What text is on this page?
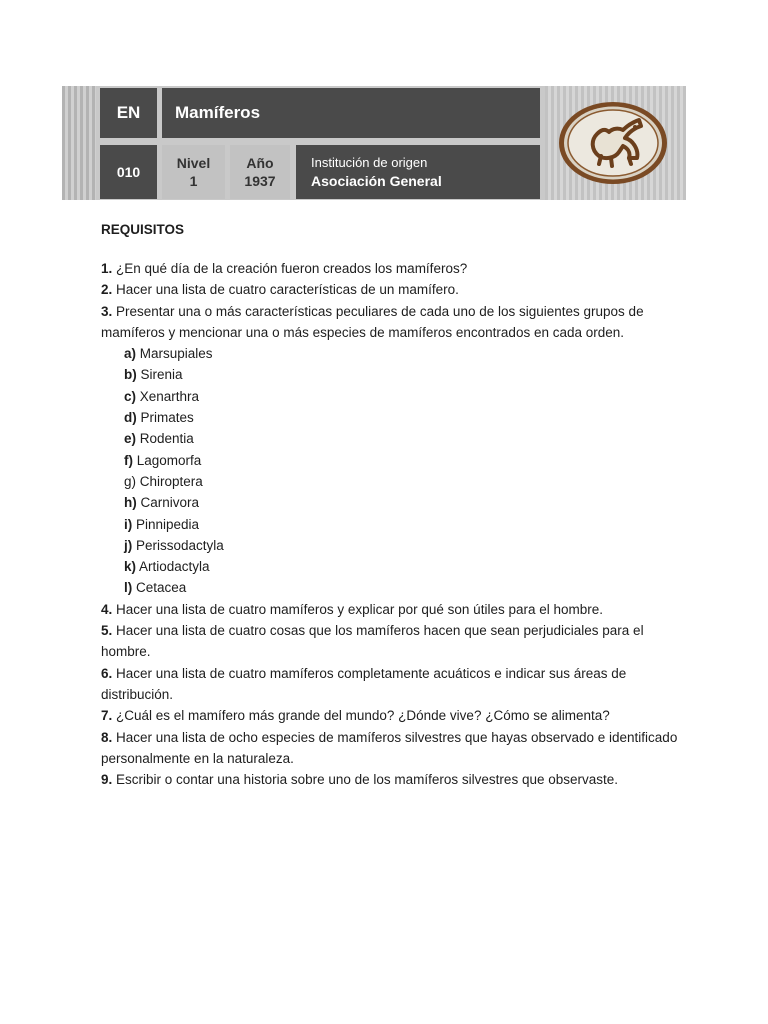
EN	Mamíferos
010
Nivel
1
Año
1937
Institución de origen
Asociación General
REQUISITOS

1. ¿En qué día de la creación fueron creados los mamíferos?

2. Hacer una lista de cuatro características de un mamífero.

3. Presentar una o más características peculiares de cada uno de los siguientes grupos de mamíferos y mencionar una o más especies de mamíferos encontrados en cada orden.

a) Marsupiales
b) Sirenia
c) Xenarthra
d) Primates
e) Rodentia
f) Lagomorfa
g) Chiroptera
h) Carnivora
i) Pinnipedia
j) Perissodactyla
k) Artiodactyla
l) Cetacea

4. Hacer una lista de cuatro mamíferos y explicar por qué son útiles para el hombre.

5. Hacer una lista de cuatro cosas que los mamíferos hacen que sean perjudiciales para el hombre.

6. Hacer una lista de cuatro mamíferos completamente acuáticos e indicar sus áreas de distribución.

7. ¿Cuál es el mamífero más grande del mundo? ¿Dónde vive? ¿Cómo se alimenta?

8. Hacer una lista de ocho especies de mamíferos silvestres que hayas observado e identificado personalmente en la naturaleza.

9. Escribir o contar una historia sobre uno de los mamíferos silvestres que observaste.
